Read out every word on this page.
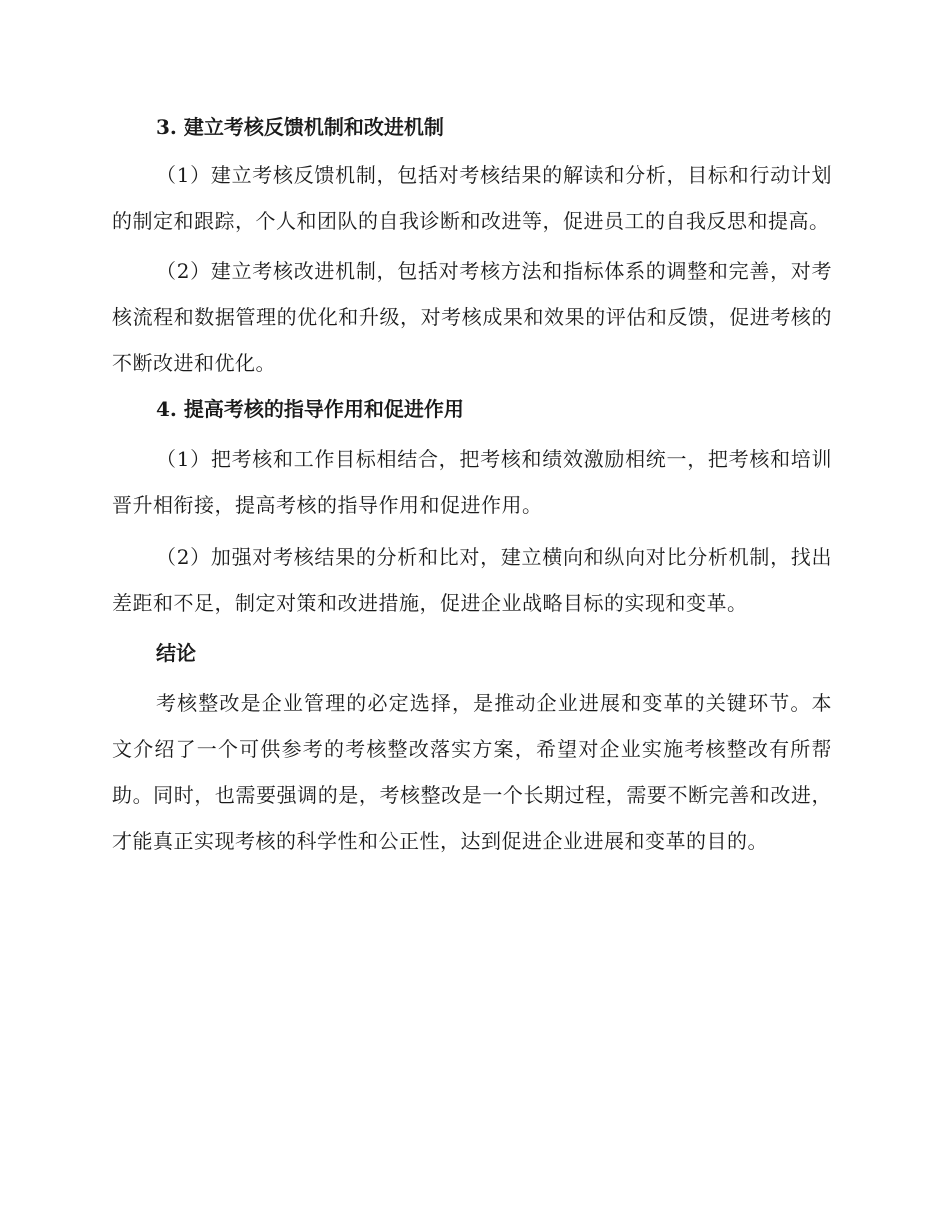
3. 建立考核反馈机制和改进机制

（1）建立考核反馈机制，包括对考核结果的解读和分析，目标和行动计划的制定和跟踪，个人和团队的自我诊断和改进等，促进员工的自我反思和提高。

（2）建立考核改进机制，包括对考核方法和指标体系的调整和完善，对考核流程和数据管理的优化和升级，对考核成果和效果的评估和反馈，促进考核的不断改进和优化。

4. 提高考核的指导作用和促进作用

（1）把考核和工作目标相结合，把考核和绩效激励相统一，把考核和培训晋升相衔接，提高考核的指导作用和促进作用。

（2）加强对考核结果的分析和比对，建立横向和纵向对比分析机制，找出差距和不足，制定对策和改进措施，促进企业战略目标的实现和变革。

结论

考核整改是企业管理的必定选择，是推动企业进展和变革的关键环节。本文介绍了一个可供参考的考核整改落实方案，希望对企业实施考核整改有所帮助。同时，也需要强调的是，考核整改是一个长期过程，需要不断完善和改进，才能真正实现考核的科学性和公正性，达到促进企业进展和变革的目的。
